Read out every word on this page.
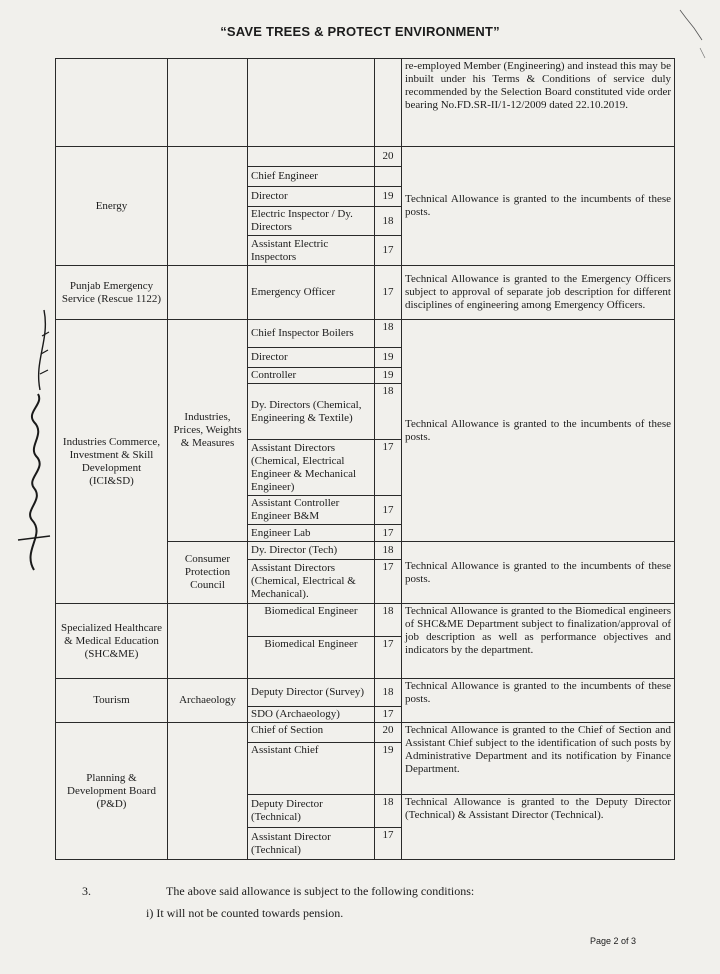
“SAVE TREES & PROTECT ENVIRONMENT”
				re-employed Member (Engineering) and instead this may be inbuilt under his Terms & Conditions of service duly recommended by the Selection Board constituted vide order bearing No.FD.SR-II/1-12/2009 dated 22.10.2019.
Energy			20	Technical Allowance is granted to the incumbents of these posts.
		Chief Engineer		
		Director	19	
		Electric Inspector / Dy. Directors	18	
		Assistant Electric Inspectors	17	
Punjab Emergency Service (Rescue 1122)		Emergency Officer	17	Technical Allowance is granted to the Emergency Officers subject to approval of separate job description for different disciplines of engineering among Emergency Officers.
Industries Commerce, Investment & Skill Development (ICI&SD)	Industries, Prices, Weights & Measures	Chief Inspector Boilers	18	Technical Allowance is granted to the incumbents of these posts.
		Director	19	
		Controller	19	
		Dy. Directors (Chemical, Engineering & Textile)	18	
		Assistant Directors (Chemical, Electrical Engineer & Mechanical Engineer)	17	
		Assistant Controller Engineer B&M	17	
		Engineer Lab	17	
	Consumer Protection Council	Dy. Director (Tech)	18	Technical Allowance is granted to the incumbents of these posts.
		Assistant Directors (Chemical, Electrical & Mechanical).	17	
Specialized Healthcare & Medical Education (SHC&ME)		Biomedical Engineer	18	Technical Allowance is granted to the Biomedical engineers of SHC&ME Department subject to finalization/approval of job description as well as performance objectives and indicators by the department.
		Biomedical Engineer	17	
Tourism	Archaeology	Deputy Director (Survey)	18	Technical Allowance is granted to the incumbents of these posts.
		SDO (Archaeology)	17	
Planning & Development Board (P&D)		Chief of Section	20	Technical Allowance is granted to the Chief of Section and Assistant Chief subject to the identification of such posts by Administrative Department and its notification by Finance Department.
		Assistant Chief	19	
		Deputy Director (Technical)	18	Technical Allowance is granted to the Deputy Director (Technical) & Assistant Director (Technical).
		Assistant Director (Technical)	17	
3.	The above said allowance is subject to the following conditions:
i) It will not be counted towards pension.
Page 2 of 3
